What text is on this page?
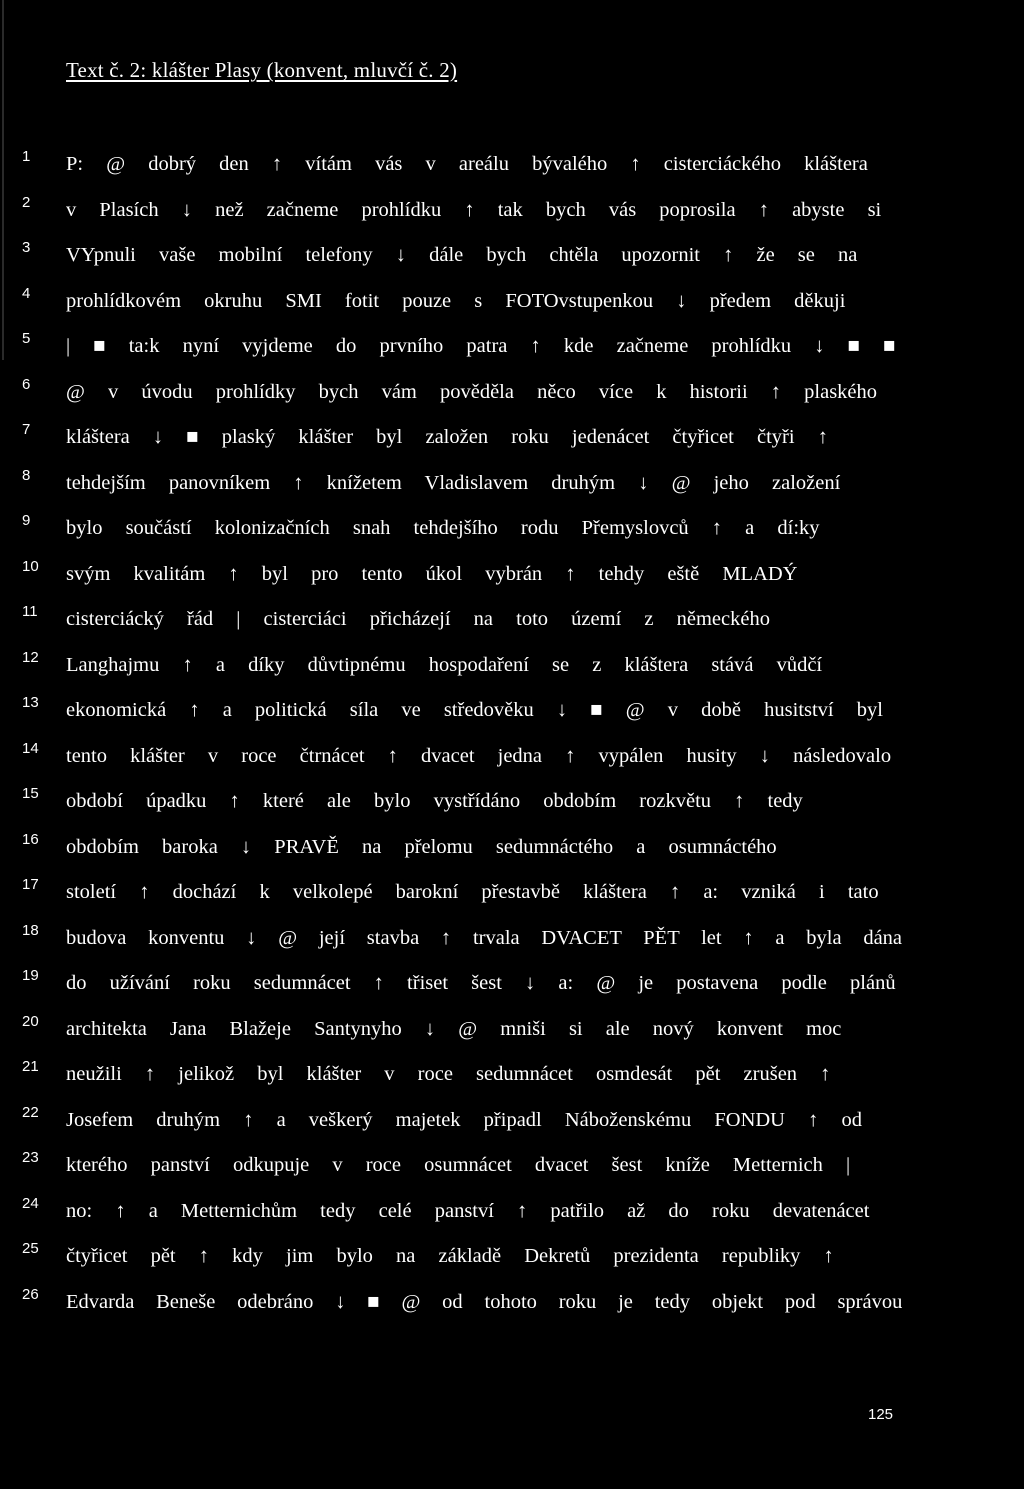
Text č. 2: klášter Plasy (konvent, mluvčí č. 2)
1	P: @ dobrý den ↑ vítám vás v areálu bývalého ↑ cisterciáckého kláštera
2	v Plasích ↓ než začneme prohlídku ↑ tak bych vás poprosila ↑ abyste si
3	VYpnuli vaše mobilní telefony ↓ dále bych chtěla upozornit ↑ že se na
4	prohlídkovém okruhu SMI fotit pouze s FOTOvstupenkou ↓ předem děkuji
5	| ■ ta:k nyní vyjdeme do prvního patra ↑ kde začneme prohlídku ↓ ■ ■
6	@ v úvodu prohlídky bych vám pověděla něco více k historii ↑ plaského
7	kláštera ↓ ■ plaský klášter byl založen roku jedenácet čtyřicet čtyři ↑
8	tehdejším panovníkem ↑ knížetem Vladislavem druhým ↓ @ jeho založení
9	bylo součástí kolonizačních snah tehdejšího rodu Přemyslovců ↑ a dí:ky
10	svým kvalitám ↑ byl pro tento úkol vybrán ↑ tehdy eště MLADÝ
11	cisterciácký řád | cisterciáci přicházejí na toto území z německého
12	Langhajmu ↑ a díky důvtipnému hospodaření se z kláštera stává vůdčí
13	ekonomická ↑ a politická síla ve středověku ↓ ■ @ v době husitství byl
14	tento klášter v roce čtrnácet ↑ dvacet jedna ↑ vypálen husity ↓ následovalo
15	období úpadku ↑ které ale bylo vystřídáno obdobím rozkvětu ↑ tedy
16	obdobím baroka ↓ PRAVĚ na přelomu sedumnáctého a osumnáctého
17	století ↑ dochází k velkolepé barokní přestavbě kláštera ↑ a: vzniká i tato
18	budova konventu ↓ @ její stavba ↑ trvala DVACET PĚT let ↑ a byla dána
19	do užívání roku sedumnácet ↑ třiset šest ↓ a: @ je postavena podle plánů
20	architekta Jana Blažeje Santynyho ↓ @ mniši si ale nový konvent moc
21	neužili ↑ jelikož byl klášter v roce sedumnácet osmdesát pět zrušen ↑
22	Josefem druhým ↑ a veškerý majetek připadl Náboženskému FONDU ↑ od
23	kterého panství odkupuje v roce osumnácet dvacet šest kníže Metternich |
24	no: ↑ a Metternichům tedy celé panství ↑ patřilo až do roku devatenácet
25	čtyřicet pět ↑ kdy jim bylo na základě Dekretů prezidenta republiky ↑
26	Edvarda Beneše odebráno ↓ ■ @ od tohoto roku je tedy objekt pod správou
125
